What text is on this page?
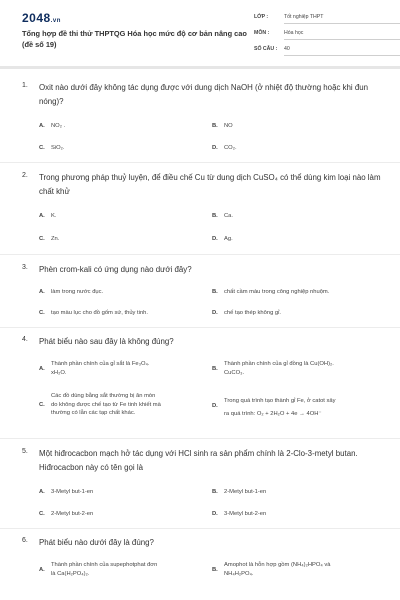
2048.vn
Tổng hợp đề thi thử THPTQG Hóa học mức độ cơ bản nâng cao (đề số 19)
LỚP :	Tốt nghiệp THPT
MÔN :	Hóa học
SỐ CÂU : 40
1. Oxit nào dưới đây không tác dụng được với dung dịch NaOH (ở nhiệt độ thường hoặc khi đun nóng)?
A. NO₂ .	B. NO
C. SiO₂.	D. CO₂.
2. Trong phương pháp thuỷ luyện, để điều chế Cu từ dung dịch CuSO₄ có thể dùng kim loại nào làm chất khử
A. K.	B. Ca.
C. Zn.	D. Ag.
3. Phèn crom-kali có ứng dụng nào dưới đây?
A. làm trong nước đục.	B. chất cầm màu trong công nghiệp nhuộm.
C. tạo màu lục cho đồ gốm sứ, thủy tinh.	D. chế tạo thép không gỉ.
4. Phát biểu nào sau đây là không đúng?
A.
Thành phần chính của gỉ sắt là Fe₃O₄.
xH₂O.
B.
Thành phần chính của gỉ đồng là Cu(OH)₂.
CuCO₃.
C.
Các đồ dùng bằng sắt thường bị ăn mòn
do không được chế tạo từ Fe tinh khiết mà
thường có lẫn các tạp chất khác.
D.
Trong quá trình tạo thành gỉ Fe, ở catot xảy
ra quá trình: O₂ + 2H₂O + 4e → 4OH⁻
5. Một hiđrocacbon mạch hở tác dụng với HCl sinh ra sản phẩm chính là 2-Clo-3-metyl butan. Hiđrocacbon này có tên gọi là
A. 3-Metyl but-1-en	B. 2-Metyl but-1-en
C. 2-Metyl but-2-en	D. 3-Metyl but-2-en
6. Phát biểu nào dưới đây là đúng?
A.
Thành phần chính của supephotphat đơn
là Ca(H₂PO₄)₂.
B.
Amophot là hỗn hợp gồm (NH₄)₂HPO₄ và
NH₄H₂PO₄.
